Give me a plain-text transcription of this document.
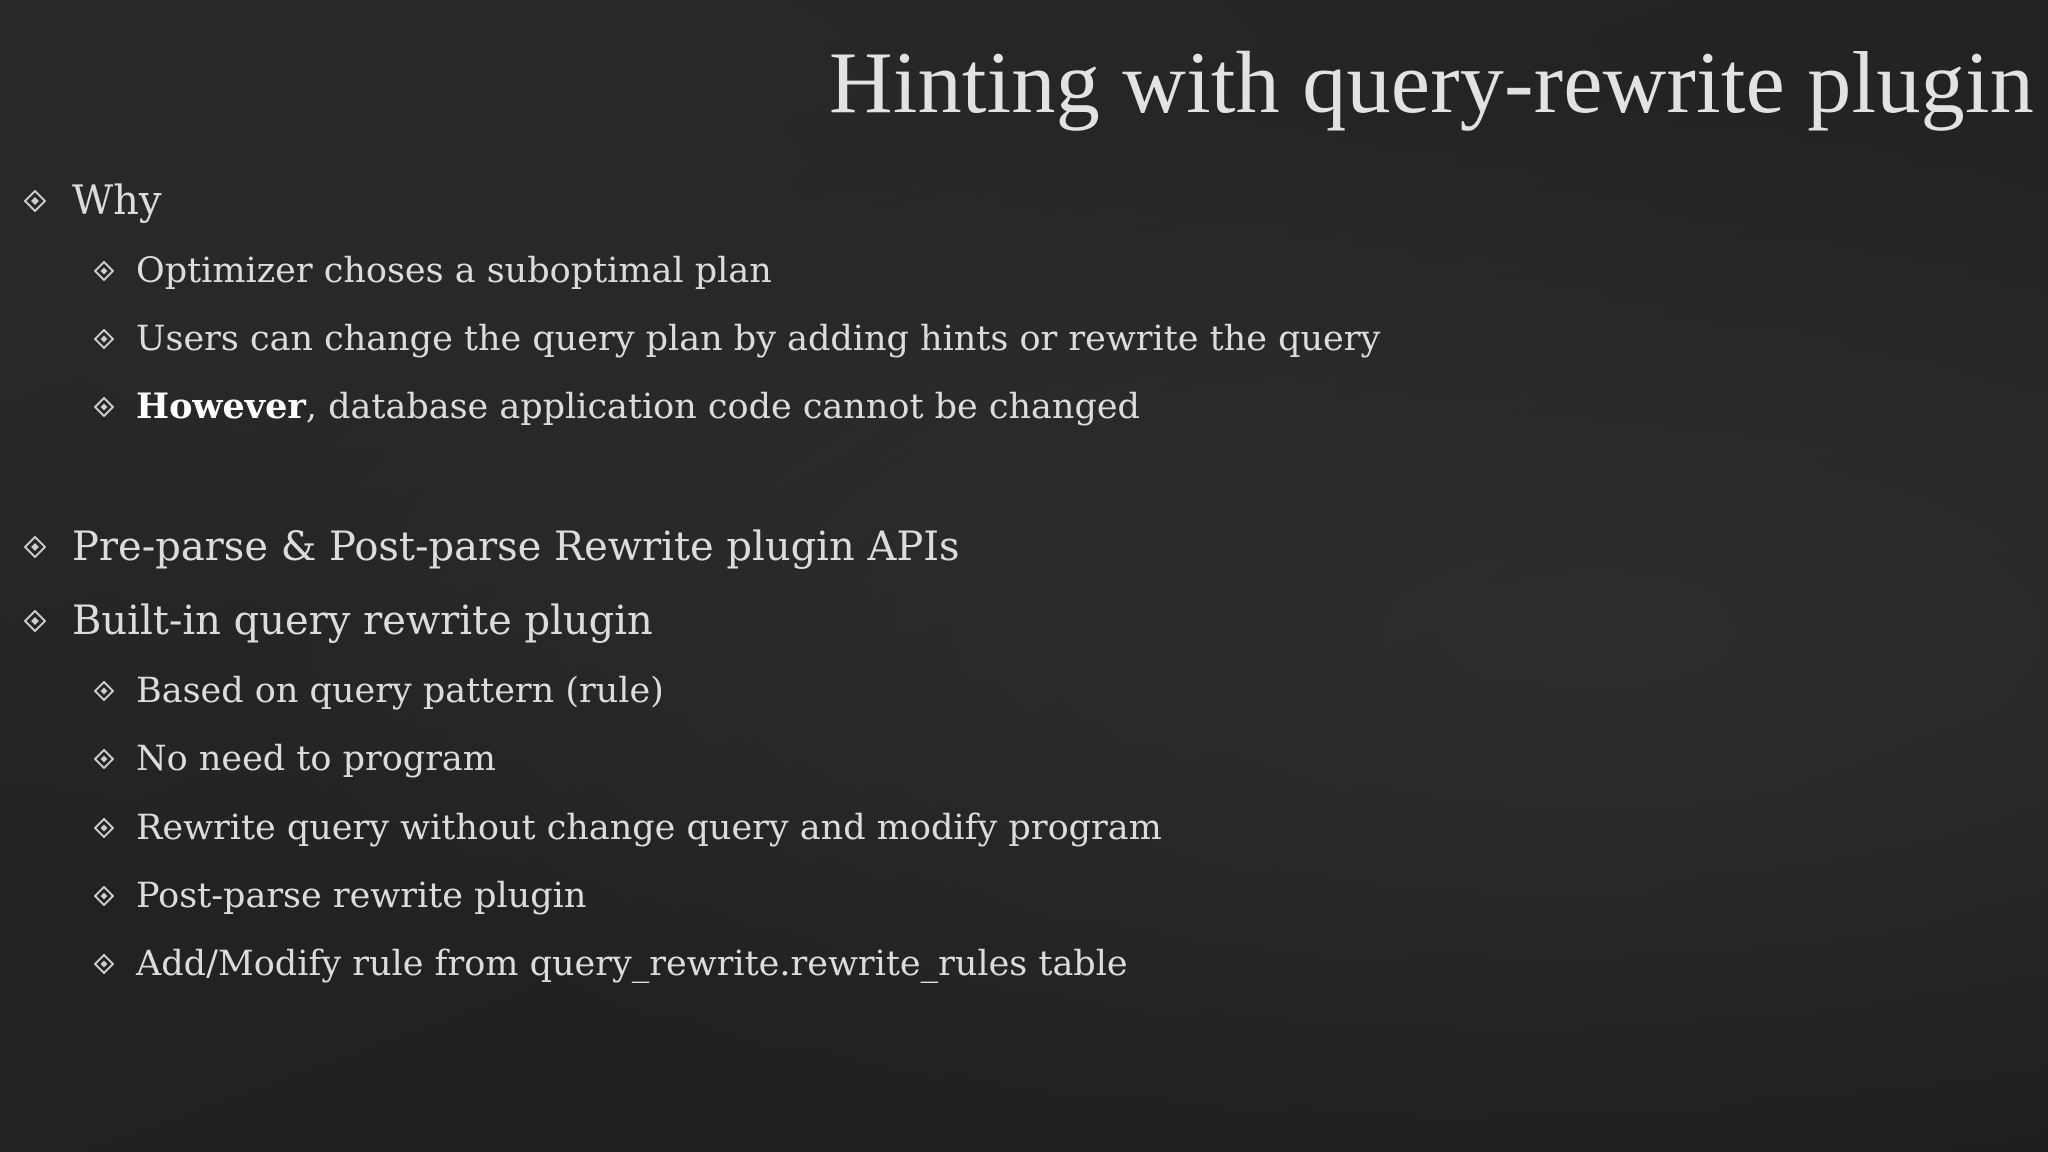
Hinting with query-rewrite plugin
Why
Optimizer choses a suboptimal plan
Users can change the query plan by adding hints or rewrite the query
However, database application code cannot be changed
Pre-parse & Post-parse Rewrite plugin APIs
Built-in query rewrite plugin
Based on query pattern (rule)
No need to program
Rewrite query without change query and modify program
Post-parse rewrite plugin
Add/Modify rule from query_rewrite.rewrite_rules table
